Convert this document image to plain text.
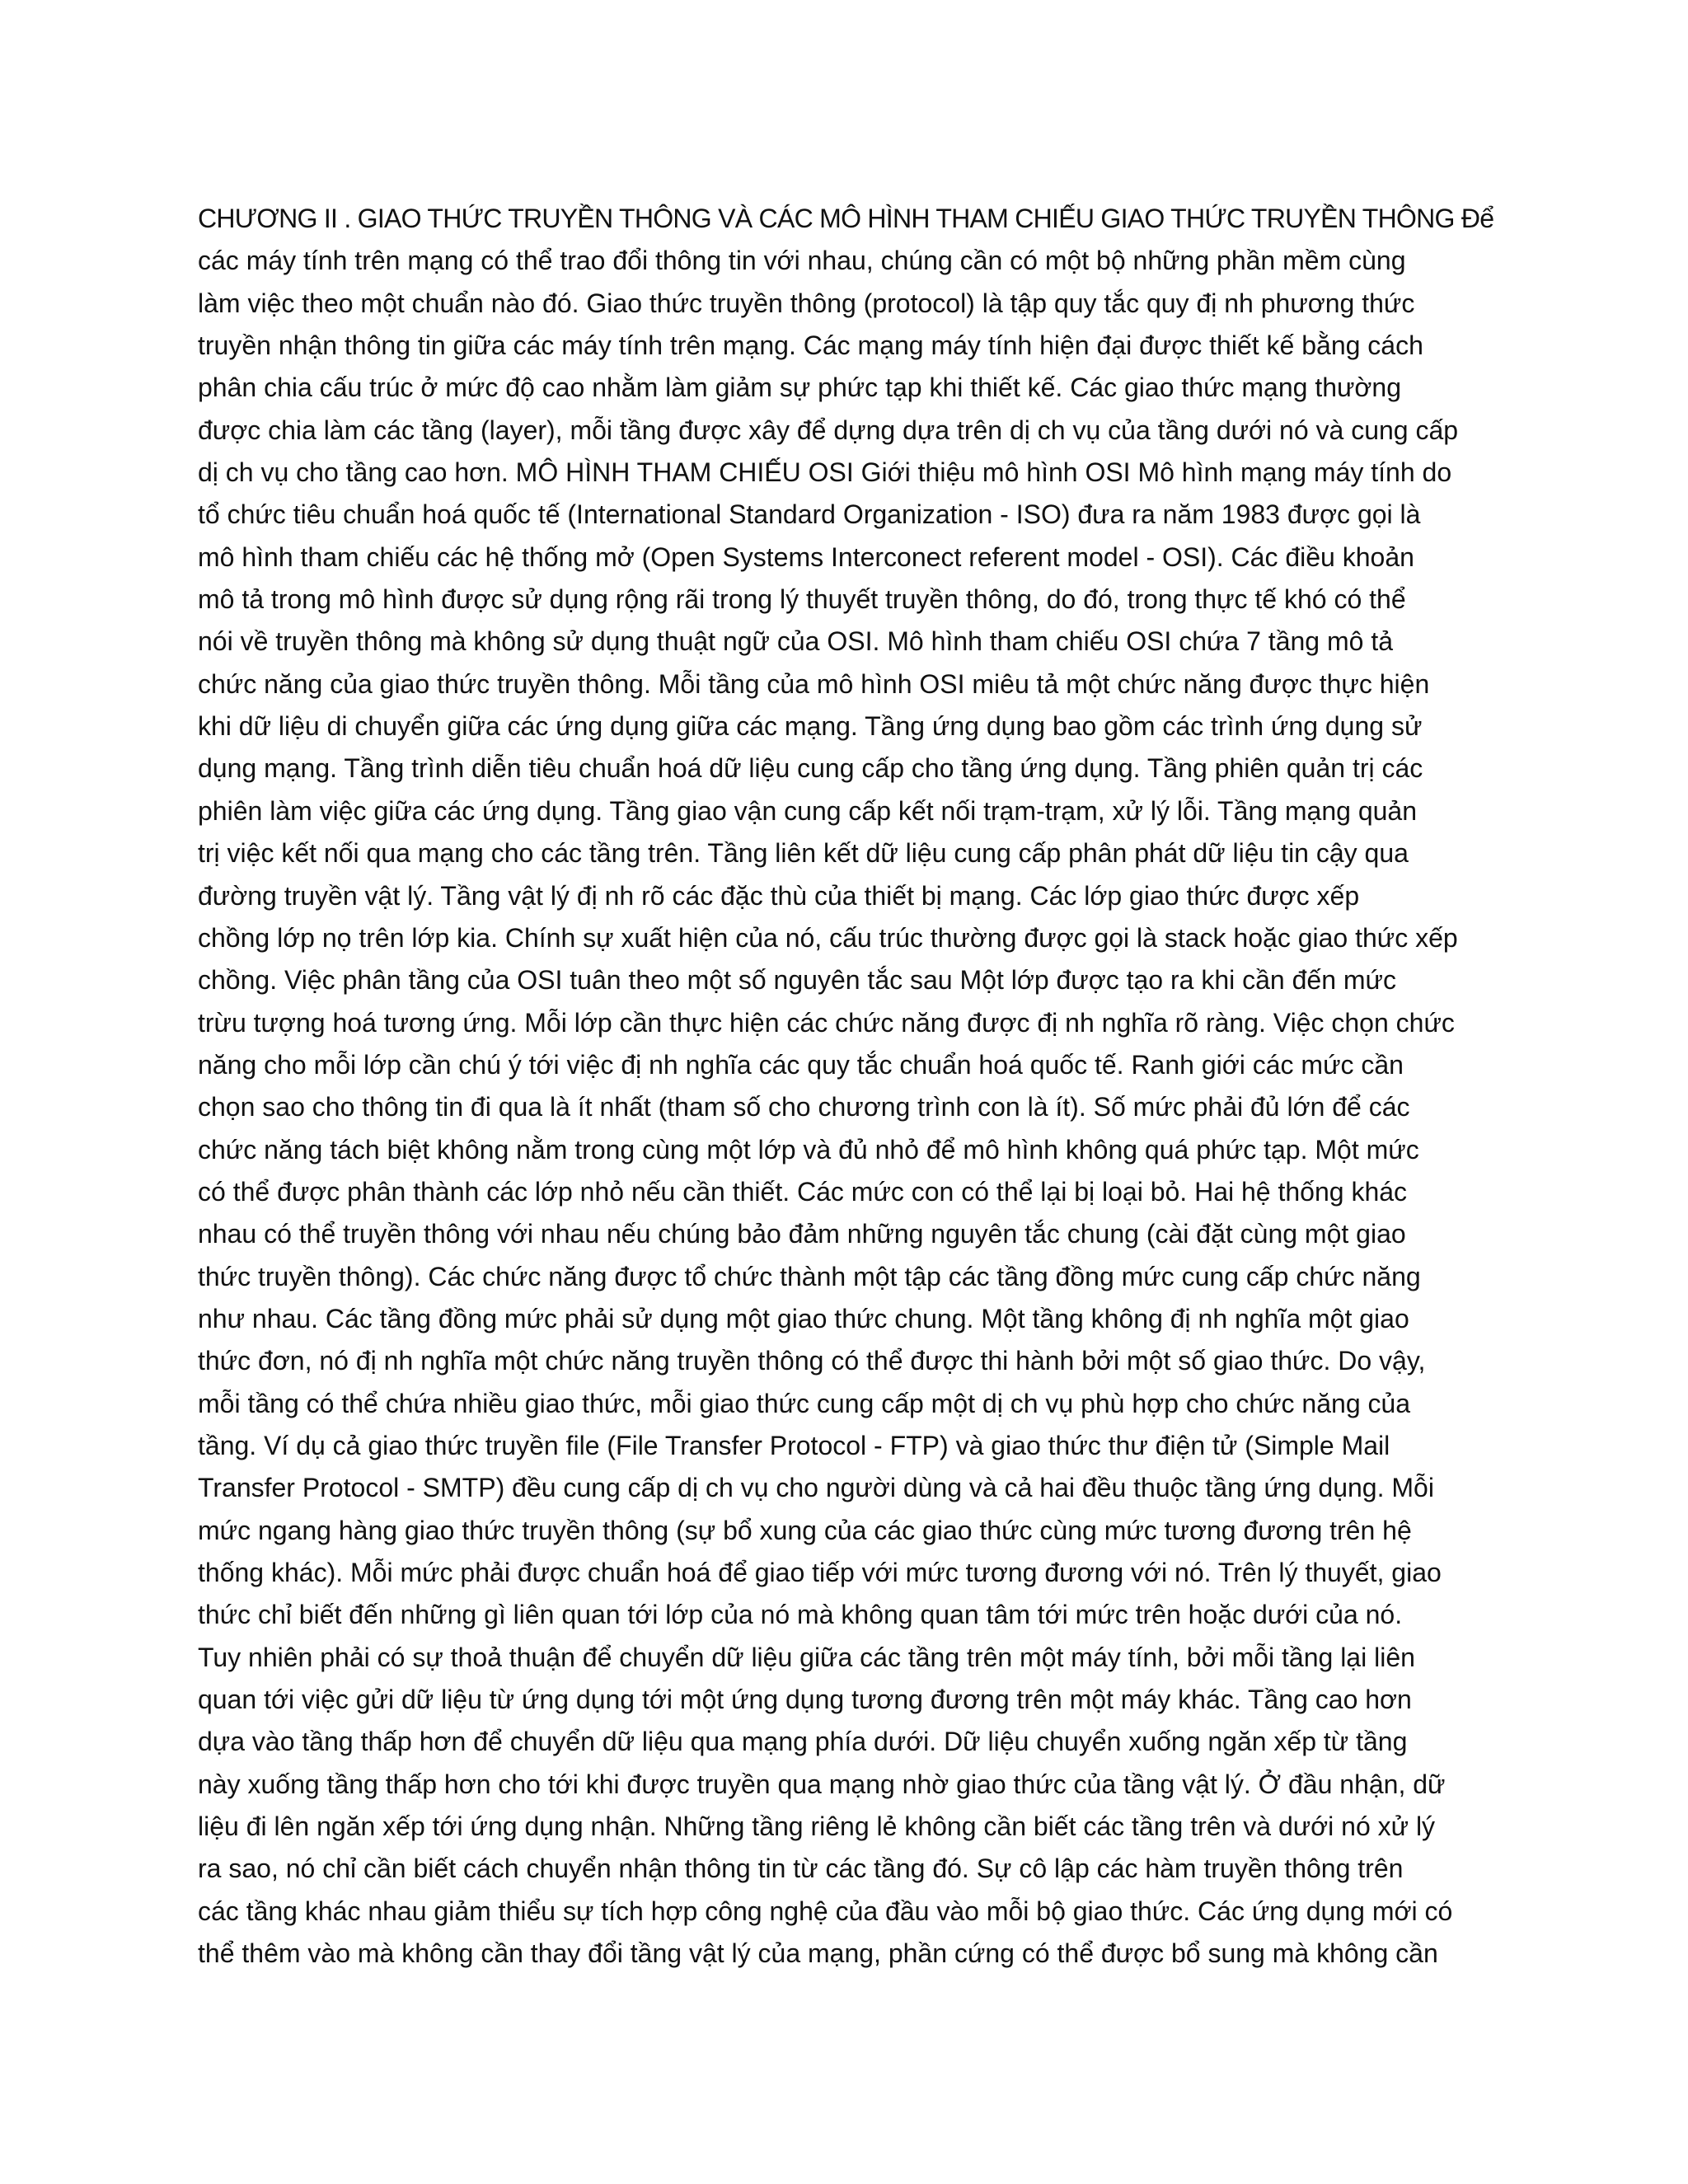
CHƯƠNG II . GIAO THỨC TRUYỀN THÔNG VÀ CÁC MÔ HÌNH THAM CHIẾU GIAO THỨC TRUYỀN THÔNG Để
các máy tính trên mạng có thể trao đổi thông tin với nhau, chúng cần có một bộ những phần mềm cùng
làm việc theo một chuẩn nào đó. Giao thức truyền thông (protocol) là tập quy tắc quy đị nh phương thức
truyền nhận thông tin giữa các máy tính trên mạng. Các mạng máy tính hiện đại được thiết kế bằng cách
phân chia cấu trúc ở mức độ cao nhằm làm giảm sự phức tạp khi thiết kế. Các giao thức mạng thường
được chia làm các tầng (layer), mỗi tầng được xây để dựng dựa trên dị ch vụ của tầng dưới nó và cung cấp
dị ch vụ cho tầng cao hơn. MÔ HÌNH THAM CHIẾU OSI Giới thiệu mô hình OSI Mô hình mạng máy tính do
tổ chức tiêu chuẩn hoá quốc tế (International Standard Organization - ISO) đưa ra năm 1983 được gọi là
mô hình tham chiếu các hệ thống mở (Open Systems Interconect referent model - OSI). Các điều khoản
mô tả trong mô hình được sử dụng rộng rãi trong lý thuyết truyền thông, do đó, trong thực tế khó có thể
nói về truyền thông mà không sử dụng thuật ngữ của OSI. Mô hình tham chiếu OSI chứa 7 tầng mô tả
chức năng của giao thức truyền thông. Mỗi tầng của mô hình OSI miêu tả một chức năng được thực hiện
khi dữ liệu di chuyển giữa các ứng dụng giữa các mạng. Tầng ứng dụng bao gồm các trình ứng dụng sử
dụng mạng. Tầng trình diễn tiêu chuẩn hoá dữ liệu cung cấp cho tầng ứng dụng. Tầng phiên quản trị các
phiên làm việc giữa các ứng dụng. Tầng giao vận cung cấp kết nối trạm-trạm, xử lý lỗi. Tầng mạng quản
trị việc kết nối qua mạng cho các tầng trên. Tầng liên kết dữ liệu cung cấp phân phát dữ liệu tin cậy qua
đường truyền vật lý. Tầng vật lý đị nh rõ các đặc thù của thiết bị mạng. Các lớp giao thức được xếp
chồng lớp nọ trên lớp kia. Chính sự xuất hiện của nó, cấu trúc thường được gọi là stack hoặc giao thức xếp
chồng. Việc phân tầng của OSI tuân theo một số nguyên tắc sau Một lớp được tạo ra khi cần đến mức
trừu tượng hoá tương ứng. Mỗi lớp cần thực hiện các chức năng được đị nh nghĩa rõ ràng. Việc chọn chức
năng cho mỗi lớp cần chú ý tới việc đị nh nghĩa các quy tắc chuẩn hoá quốc tế. Ranh giới các mức cần
chọn sao cho thông tin đi qua là ít nhất (tham số cho chương trình con là ít). Số mức phải đủ lớn để các
chức năng tách biệt không nằm trong cùng một lớp và đủ nhỏ để mô hình không quá phức tạp. Một mức
có thể được phân thành các lớp nhỏ nếu cần thiết. Các mức con có thể lại bị loại bỏ. Hai hệ thống khác
nhau có thể truyền thông với nhau nếu chúng bảo đảm những nguyên tắc chung (cài đặt cùng một giao
thức truyền thông). Các chức năng được tổ chức thành một tập các tầng đồng mức cung cấp chức năng
như nhau. Các tầng đồng mức phải sử dụng một giao thức chung. Một tầng không đị nh nghĩa một giao
thức đơn, nó đị nh nghĩa một chức năng truyền thông có thể được thi hành bởi một số giao thức. Do vậy,
mỗi tầng có thể chứa nhiều giao thức, mỗi giao thức cung cấp một dị ch vụ phù hợp cho chức năng của
tầng. Ví dụ cả giao thức truyền file (File Transfer Protocol - FTP) và giao thức thư điện tử (Simple Mail
Transfer Protocol - SMTP) đều cung cấp dị ch vụ cho người dùng và cả hai đều thuộc tầng ứng dụng. Mỗi
mức ngang hàng giao thức truyền thông (sự bổ xung của các giao thức cùng mức tương đương trên hệ
thống khác). Mỗi mức phải được chuẩn hoá để giao tiếp với mức tương đương với nó. Trên lý thuyết, giao
thức chỉ biết đến những gì liên quan tới lớp của nó mà không quan tâm tới mức trên hoặc dưới của nó.
Tuy nhiên phải có sự thoả thuận để chuyển dữ liệu giữa các tầng trên một máy tính, bởi mỗi tầng lại liên
quan tới việc gửi dữ liệu từ ứng dụng tới một ứng dụng tương đương trên một máy khác. Tầng cao hơn
dựa vào tầng thấp hơn để chuyển dữ liệu qua mạng phía dưới. Dữ liệu chuyển xuống ngăn xếp từ tầng
này xuống tầng thấp hơn cho tới khi được truyền qua mạng nhờ giao thức của tầng vật lý. Ở đầu nhận, dữ
liệu đi lên ngăn xếp tới ứng dụng nhận. Những tầng riêng lẻ không cần biết các tầng trên và dưới nó xử lý
ra sao, nó chỉ cần biết cách chuyển nhận thông tin từ các tầng đó. Sự cô lập các hàm truyền thông trên
các tầng khác nhau giảm thiểu sự tích hợp công nghệ của đầu vào mỗi bộ giao thức. Các ứng dụng mới có
thể thêm vào mà không cần thay đổi tầng vật lý của mạng, phần cứng có thể được bổ sung mà không cần
